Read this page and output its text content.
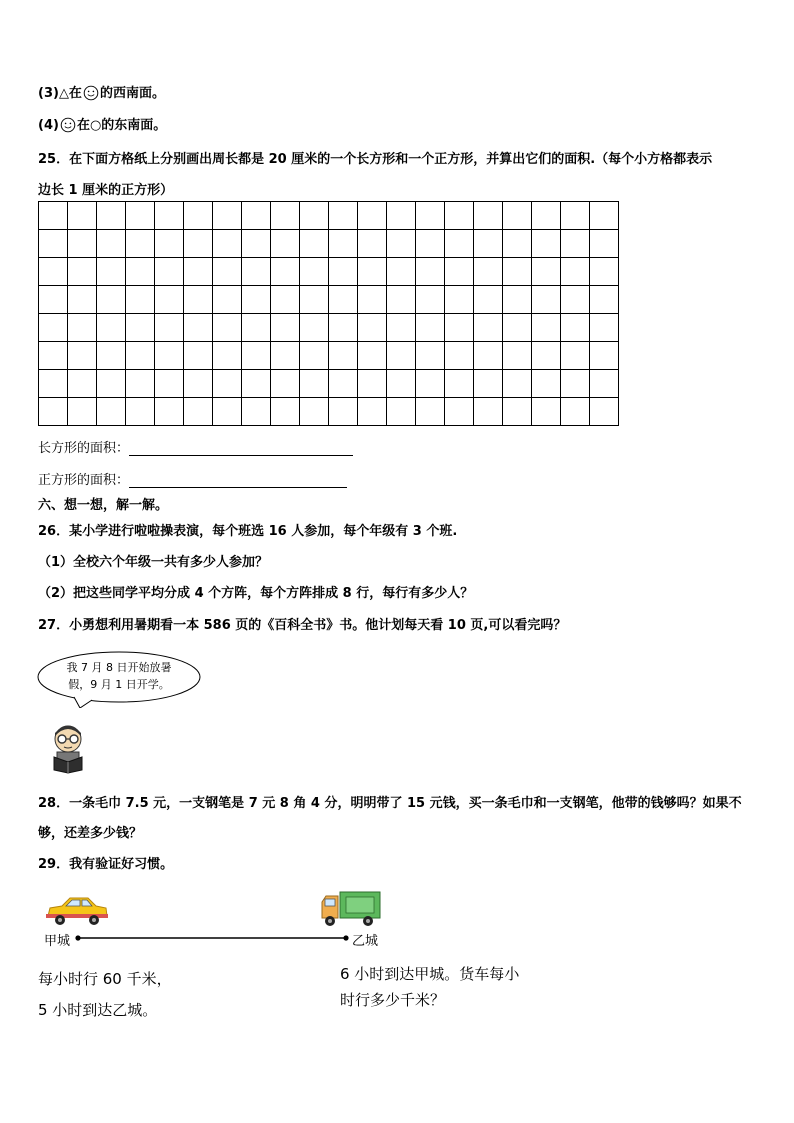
(3)△在 的西南面。
(4) 在○的东南面。
25．在下面方格纸上分别画出周长都是 20 厘米的一个长方形和一个正方形，并算出它们的面积.（每个小方格都表示
边长 1 厘米的正方形）

长方形的面积：
正方形的面积：
六、想一想，解一解。
26．某小学进行啦啦操表演，每个班选 16 人参加，每个年级有 3 个班.
（1）全校六个年级一共有多少人参加？
（2）把这些同学平均分成 4 个方阵，每个方阵排成 8 行，每行有多少人？
27．小勇想利用暑期看一本 586 页的《百科全书》书。他计划每天看 10 页,可以看完吗？
我 7 月 8 日开始放暑
假，9 月 1 日开学。
28．一条毛巾 7.5 元，一支钢笔是 7 元 8 角 4 分，明明带了 15 元钱，买一条毛巾和一支钢笔，他带的钱够吗？如果不
够，还差多少钱？
29．我有验证好习惯。
甲城	乙城
每小时行 60 千米，
5 小时到达乙城。
6 小时到达甲城。货车每小
时行多少千米？
